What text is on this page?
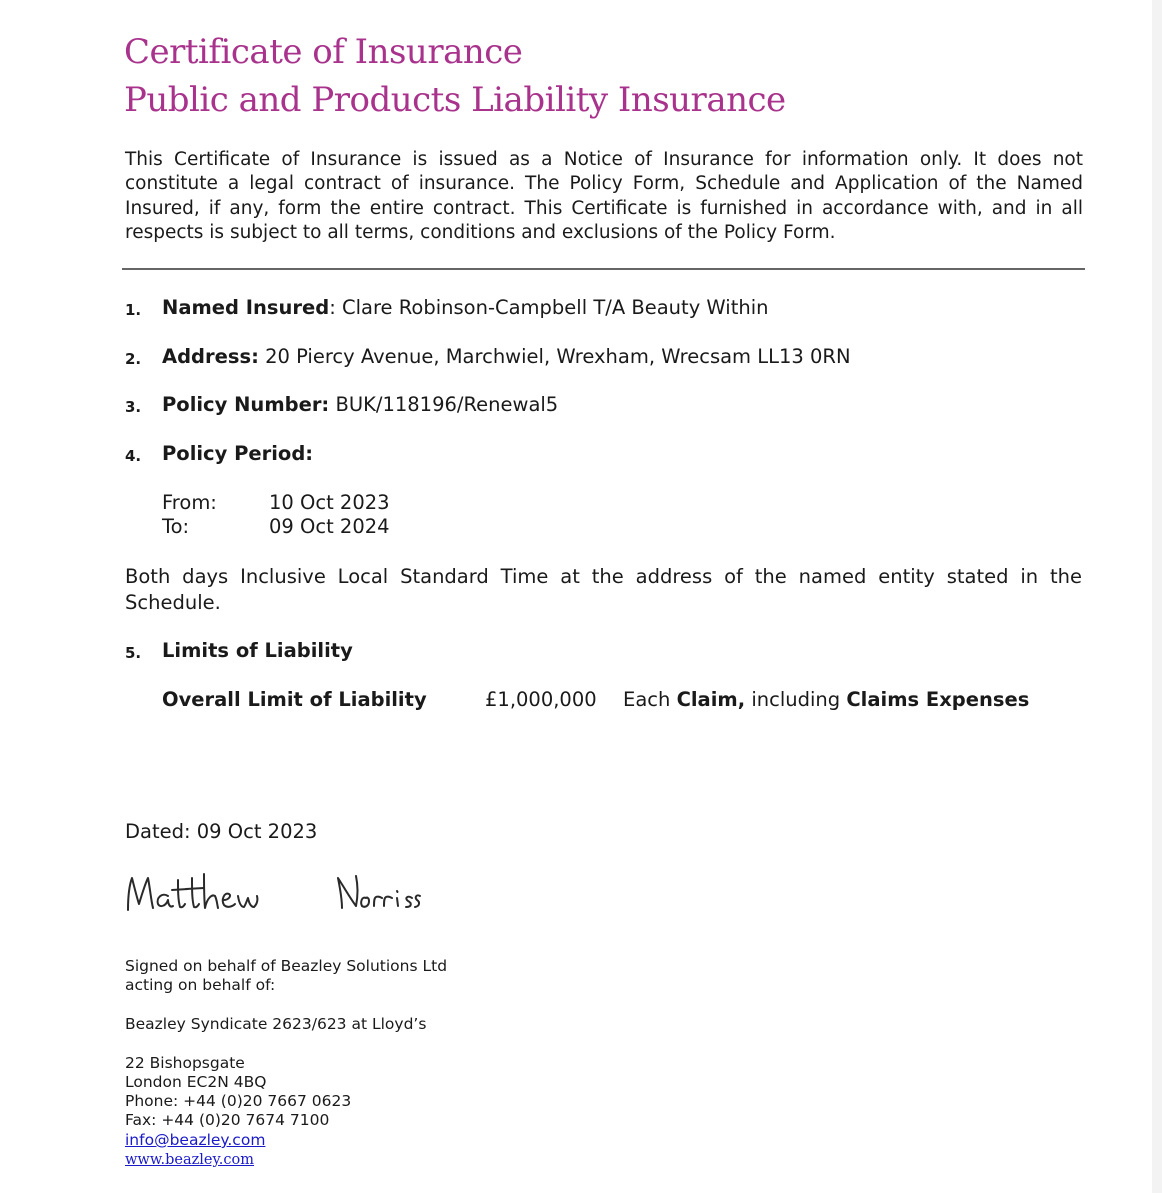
Certificate of Insurance
Public and Products Liability Insurance

This Certificate of Insurance is issued as a Notice of Insurance for information only. It does not constitute a legal contract of insurance. The Policy Form, Schedule and Application of the Named Insured, if any, form the entire contract. This Certificate is furnished in accordance with, and in all respects is subject to all terms, conditions and exclusions of the Policy Form.

1. Named Insured: Clare Robinson-Campbell T/A Beauty Within
2. Address: 20 Piercy Avenue, Marchwiel, Wrexham, Wrecsam LL13 0RN
3. Policy Number: BUK/118196/Renewal5
4. Policy Period:
From:	10 Oct 2023
To:	09 Oct 2024

Both days Inclusive Local Standard Time at the address of the named entity stated in the Schedule.

5. Limits of Liability
Overall Limit of Liability	£1,000,000 Each Claim, including Claims Expenses
Dated: 09 Oct 2023

Signed on behalf of Beazley Solutions Ltd

acting on behalf of:

Beazley Syndicate 2623/623 at Lloyd’s

22 Bishopsgate

London EC2N 4BQ

Phone: +44 (0)20 7667 0623

Fax: +44 (0)20 7674 7100

info@beazley.com

www.beazley.com
